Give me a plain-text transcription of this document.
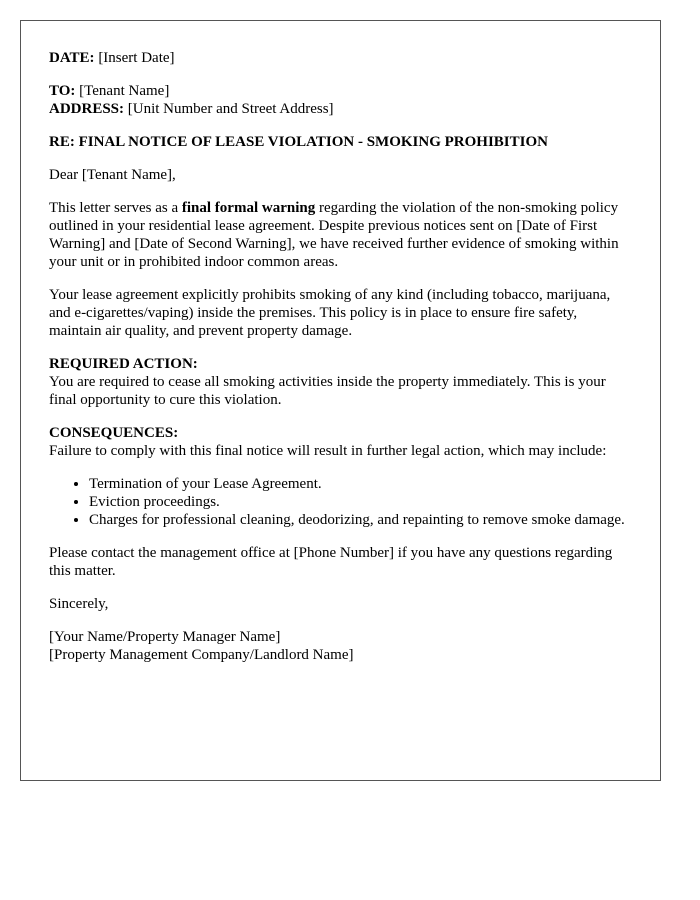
DATE: [Insert Date]

TO: [Tenant Name]
ADDRESS: [Unit Number and Street Address]

RE: FINAL NOTICE OF LEASE VIOLATION - SMOKING PROHIBITION

Dear [Tenant Name],

This letter serves as a final formal warning regarding the violation of the non-smoking policy outlined in your residential lease agreement. Despite previous notices sent on [Date of First Warning] and [Date of Second Warning], we have received further evidence of smoking within your unit or in prohibited indoor common areas.

Your lease agreement explicitly prohibits smoking of any kind (including tobacco, marijuana, and e-cigarettes/vaping) inside the premises. This policy is in place to ensure fire safety, maintain air quality, and prevent property damage.

REQUIRED ACTION:
You are required to cease all smoking activities inside the property immediately. This is your final opportunity to cure this violation.

CONSEQUENCES:
Failure to comply with this final notice will result in further legal action, which may include:

• Termination of your Lease Agreement.
• Eviction proceedings.
• Charges for professional cleaning, deodorizing, and repainting to remove smoke damage.

Please contact the management office at [Phone Number] if you have any questions regarding this matter.

Sincerely,

[Your Name/Property Manager Name]
[Property Management Company/Landlord Name]
